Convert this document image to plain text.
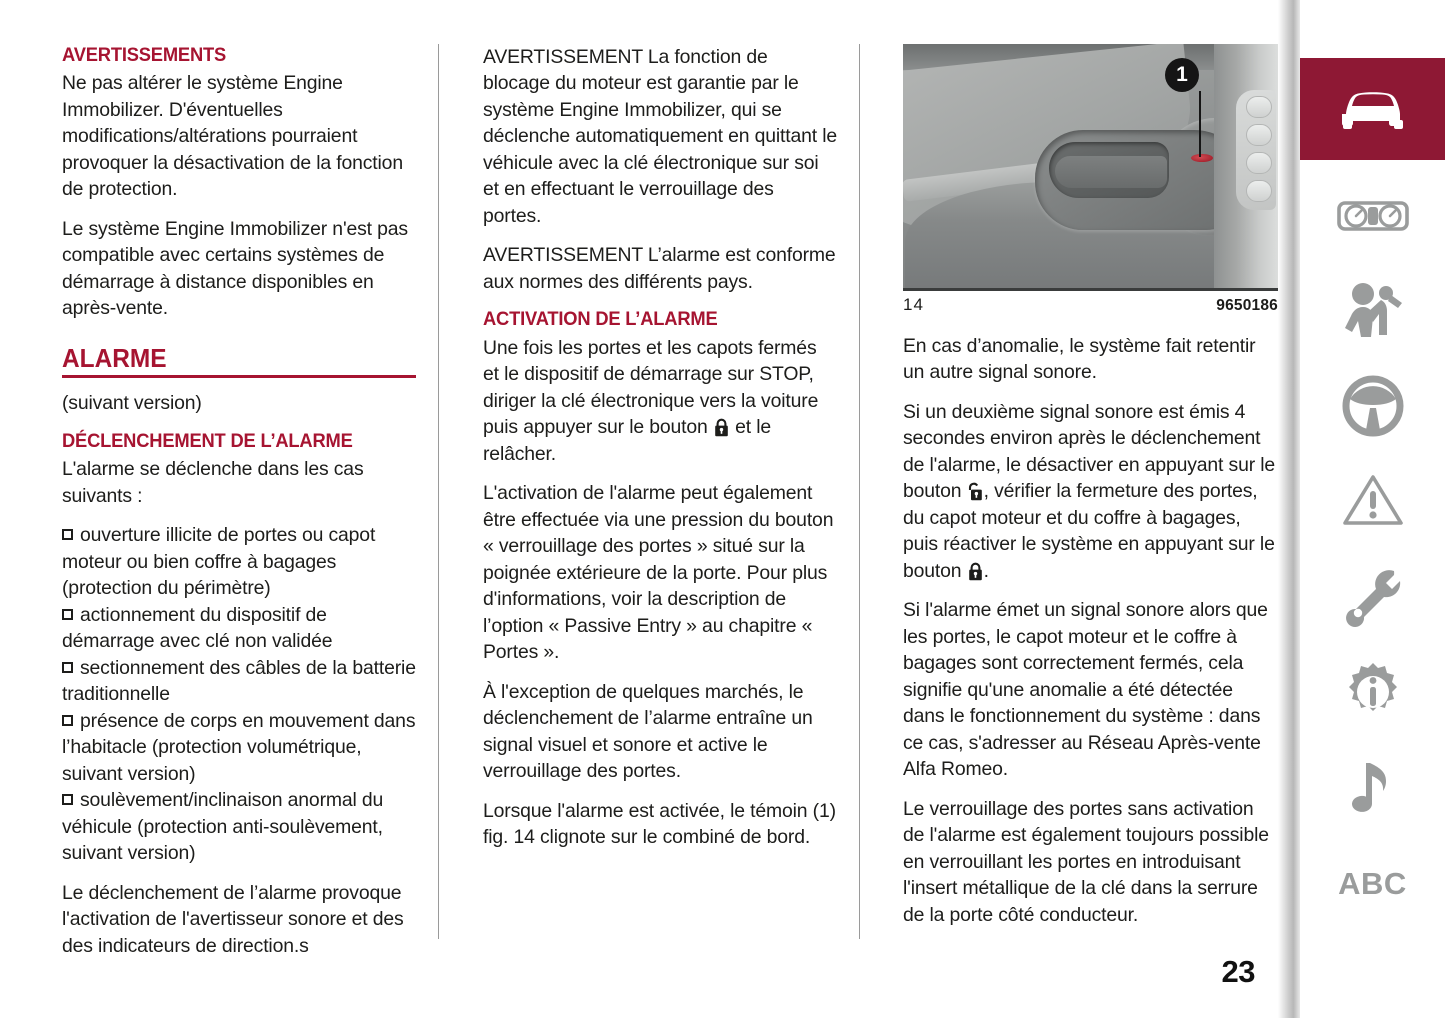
AVERTISSEMENTS

Ne pas altérer le système Engine Immobilizer. D'éventuelles modifications/altérations pourraient provoquer la désactivation de la fonction de protection.

Le système Engine Immobilizer n'est pas compatible avec certains systèmes de démarrage à distance disponibles en après-vente.

ALARME

(suivant version)

DÉCLENCHEMENT DE L’ALARME

L'alarme se déclenche dans les cas suivants :

ouverture illicite de portes ou capot moteur ou bien coffre à bagages (protection du périmètre)
actionnement du dispositif de démarrage avec clé non validée
sectionnement des câbles de la batterie traditionnelle
présence de corps en mouvement dans l’habitacle (protection volumétrique, suivant version)
soulèvement/inclinaison anormal du véhicule (protection anti-soulèvement, suivant version)

Le déclenchement de l’alarme provoque l'activation de l'avertisseur sonore et des des indicateurs de direction.s

AVERTISSEMENT La fonction de blocage du moteur est garantie par le système Engine Immobilizer, qui se déclenche automatiquement en quittant le véhicule avec la clé électronique sur soi et en effectuant le verrouillage des portes.

AVERTISSEMENT L’alarme est conforme aux normes des différents pays.

ACTIVATION DE L’ALARME

Une fois les portes et les capots fermés et le dispositif de démarrage sur STOP, diriger la clé électronique vers la voiture puis appuyer sur le bouton
et le relâcher.

L'activation de l'alarme peut également être effectuée via une pression du bouton « verrouillage des portes » situé sur la poignée extérieure de la porte. Pour plus d'informations, voir la description de l’option « Passive Entry » au chapitre « Portes ».

À l'exception de quelques marchés, le déclenchement de l’alarme entraîne un signal visuel et sonore et active le verrouillage des portes.

Lorsque l'alarme est activée, le témoin (1) fig. 14 clignote sur le combiné de bord.

1
14	9650186

En cas d’anomalie, le système fait retentir un autre signal sonore.

Si un deuxième signal sonore est émis 4 secondes environ après le déclenchement de l'alarme, le désactiver en appuyant sur le bouton
, vérifier la fermeture des portes, du capot moteur et du coffre à bagages, puis réactiver le système en appuyant sur le bouton
.

Si l'alarme émet un signal sonore alors que les portes, le capot moteur et le coffre à bagages sont correctement fermés, cela signifie qu'une anomalie a été détectée dans le fonctionnement du système : dans ce cas, s'adresser au Réseau Après-vente Alfa Romeo.

Le verrouillage des portes sans activation de l'alarme est également toujours possible en verrouillant les portes en introduisant l'insert métallique de la clé dans la serrure de la porte côté conducteur.

ABC
23
